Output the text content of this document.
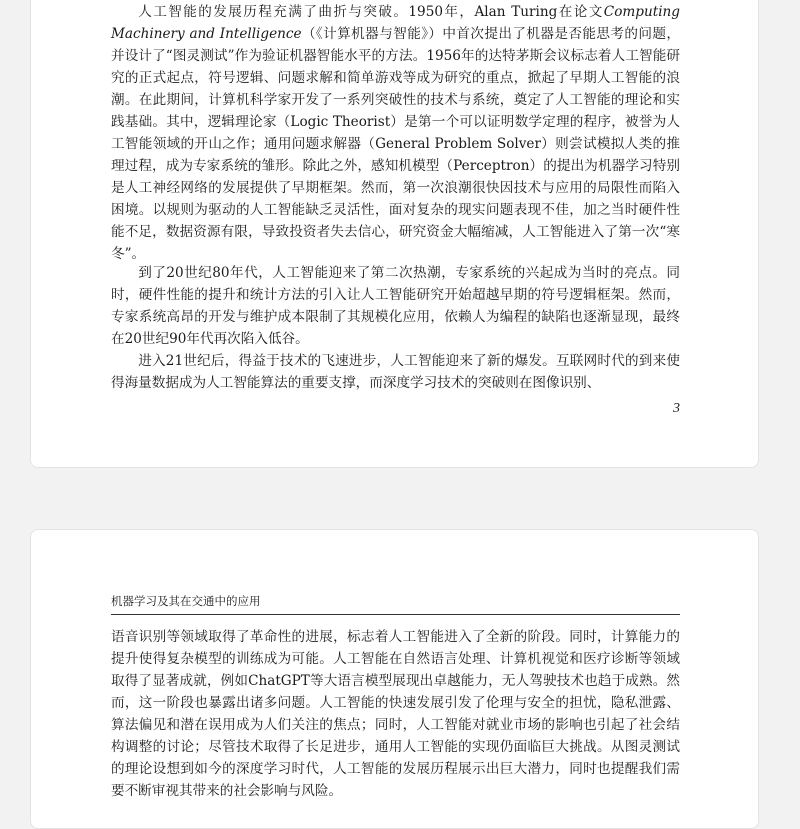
人工智能的发展历程充满了曲折与突破。1950年，Alan Turing在论文Computing Machinery and Intelligence（《计算机器与智能》）中首次提出了机器是否能思考的问题，并设计了“图灵测试”作为验证机器智能水平的方法。1956年的达特茅斯会议标志着人工智能研究的正式起点，符号逻辑、问题求解和简单游戏等成为研究的重点，掀起了早期人工智能的浪潮。在此期间，计算机科学家开发了一系列突破性的技术与系统，奠定了人工智能的理论和实践基础。其中，逻辑理论家（Logic Theorist）是第一个可以证明数学定理的程序，被誉为人工智能领域的开山之作；通用问题求解器（General Problem Solver）则尝试模拟人类的推理过程，成为专家系统的雏形。除此之外，感知机模型（Perceptron）的提出为机器学习特别是人工神经网络的发展提供了早期框架。然而，第一次浪潮很快因技术与应用的局限性而陷入困境。以规则为驱动的人工智能缺乏灵活性，面对复杂的现实问题表现不佳，加之当时硬件性能不足，数据资源有限，导致投资者失去信心，研究资金大幅缩减，人工智能进入了第一次“寒冬”。

到了20世纪80年代，人工智能迎来了第二次热潮，专家系统的兴起成为当时的亮点。同时，硬件性能的提升和统计方法的引入让人工智能研究开始超越早期的符号逻辑框架。然而，专家系统高昂的开发与维护成本限制了其规模化应用，依赖人为编程的缺陷也逐渐显现，最终在20世纪90年代再次陷入低谷。

进入21世纪后，得益于技术的飞速进步，人工智能迎来了新的爆发。互联网时代的到来使得海量数据成为人工智能算法的重要支撑，而深度学习技术的突破则在图像识别、

3
机器学习及其在交通中的应用

语音识别等领域取得了革命性的进展，标志着人工智能进入了全新的阶段。同时，计算能力的提升使得复杂模型的训练成为可能。人工智能在自然语言处理、计算机视觉和医疗诊断等领域取得了显著成就，例如ChatGPT等大语言模型展现出卓越能力，无人驾驶技术也趋于成熟。然而，这一阶段也暴露出诸多问题。人工智能的快速发展引发了伦理与安全的担忧，隐私泄露、算法偏见和潜在误用成为人们关注的焦点；同时，人工智能对就业市场的影响也引起了社会结构调整的讨论；尽管技术取得了长足进步，通用人工智能的实现仍面临巨大挑战。从图灵测试的理论设想到如今的深度学习时代，人工智能的发展历程展示出巨大潜力，同时也提醒我们需要不断审视其带来的社会影响与风险。
